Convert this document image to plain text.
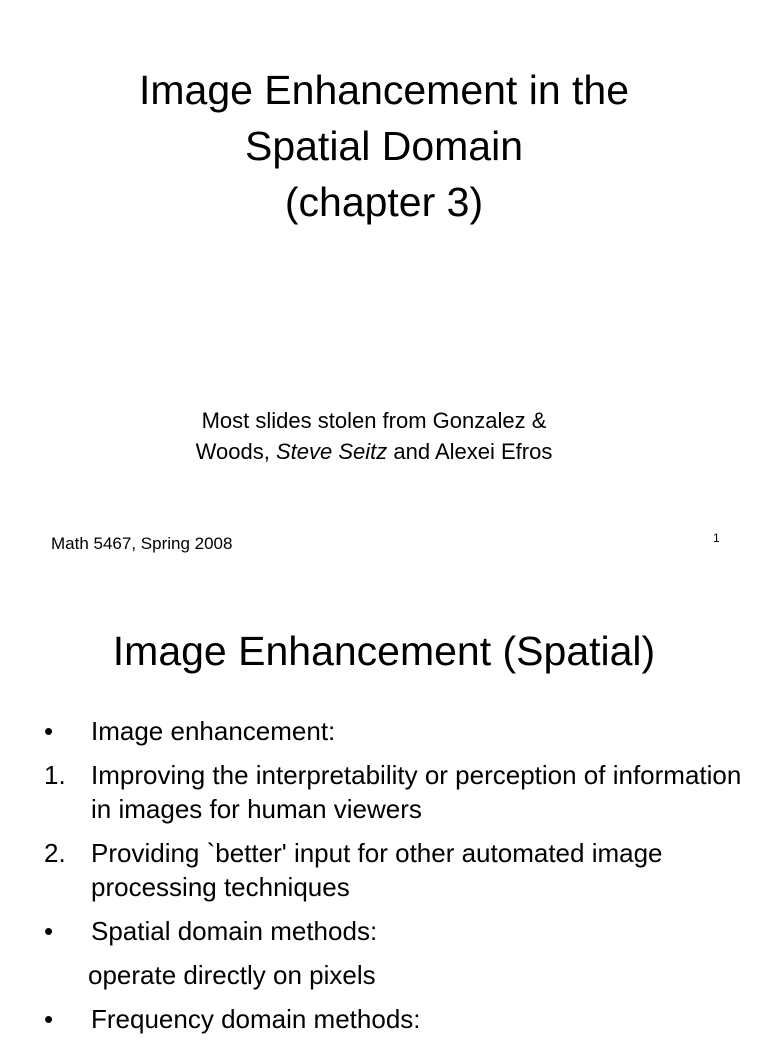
Image Enhancement in the
Spatial Domain
(chapter 3)
Most slides stolen from Gonzalez &
Woods, Steve Seitz and Alexei Efros
Math 5467, Spring 2008	1
Image Enhancement (Spatial)
• Image enhancement:
1. Improving the interpretability or perception of information in images for human viewers
2. Providing `better' input for other automated image processing techniques
• Spatial domain methods:
operate directly on pixels
• Frequency domain methods:
